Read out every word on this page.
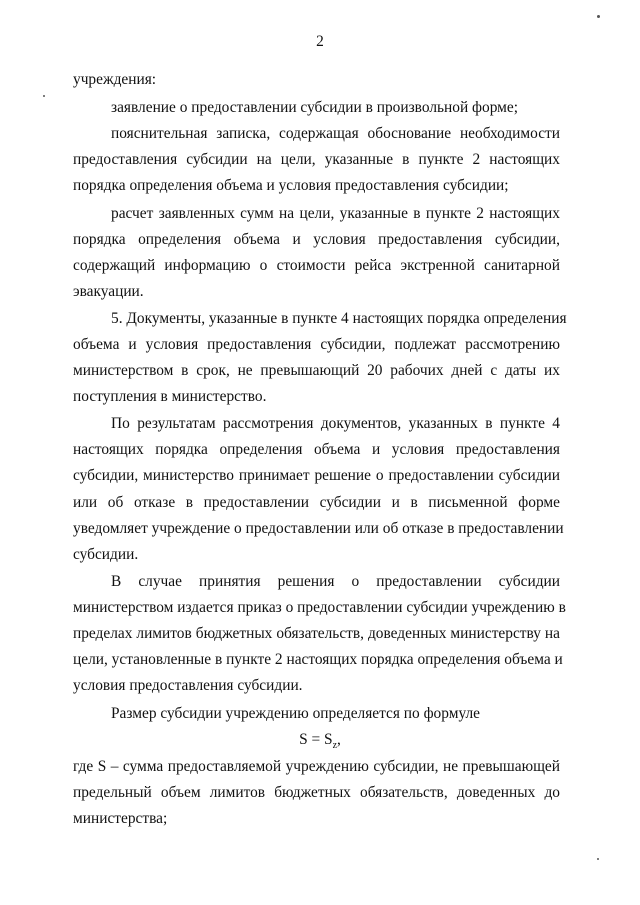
2
учреждения:
заявление о предоставлении субсидии в произвольной форме;
пояснительная записка, содержащая обоснование необходимости
предоставления субсидии на цели, указанные в пункте 2 настоящих
порядка определения объема и условия предоставления субсидии;
расчет заявленных сумм на цели, указанные в пункте 2 настоящих
порядка определения объема и условия предоставления субсидии,
содержащий информацию о стоимости рейса экстренной санитарной
эвакуации.
5. Документы, указанные в пункте 4 настоящих порядка определения
объема и условия предоставления субсидии, подлежат рассмотрению
министерством в срок, не превышающий 20 рабочих дней с даты их
поступления в министерство.
По результатам рассмотрения документов, указанных в пункте 4
настоящих порядка определения объема и условия предоставления
субсидии, министерство принимает решение о предоставлении субсидии
или об отказе в предоставлении субсидии и в письменной форме
уведомляет учреждение о предоставлении или об отказе в предоставлении
субсидии.
В случае принятия решения о предоставлении субсидии
министерством издается приказ о предоставлении субсидии учреждению в
пределах лимитов бюджетных обязательств, доведенных министерству на
цели, установленные в пункте 2 настоящих порядка определения объема и
условия предоставления субсидии.
Размер субсидии учреждению определяется по формуле
$S = S_z$,
где S – сумма предоставляемой учреждению субсидии, не превышающей
предельный объем лимитов бюджетных обязательств, доведенных до
министерства;
